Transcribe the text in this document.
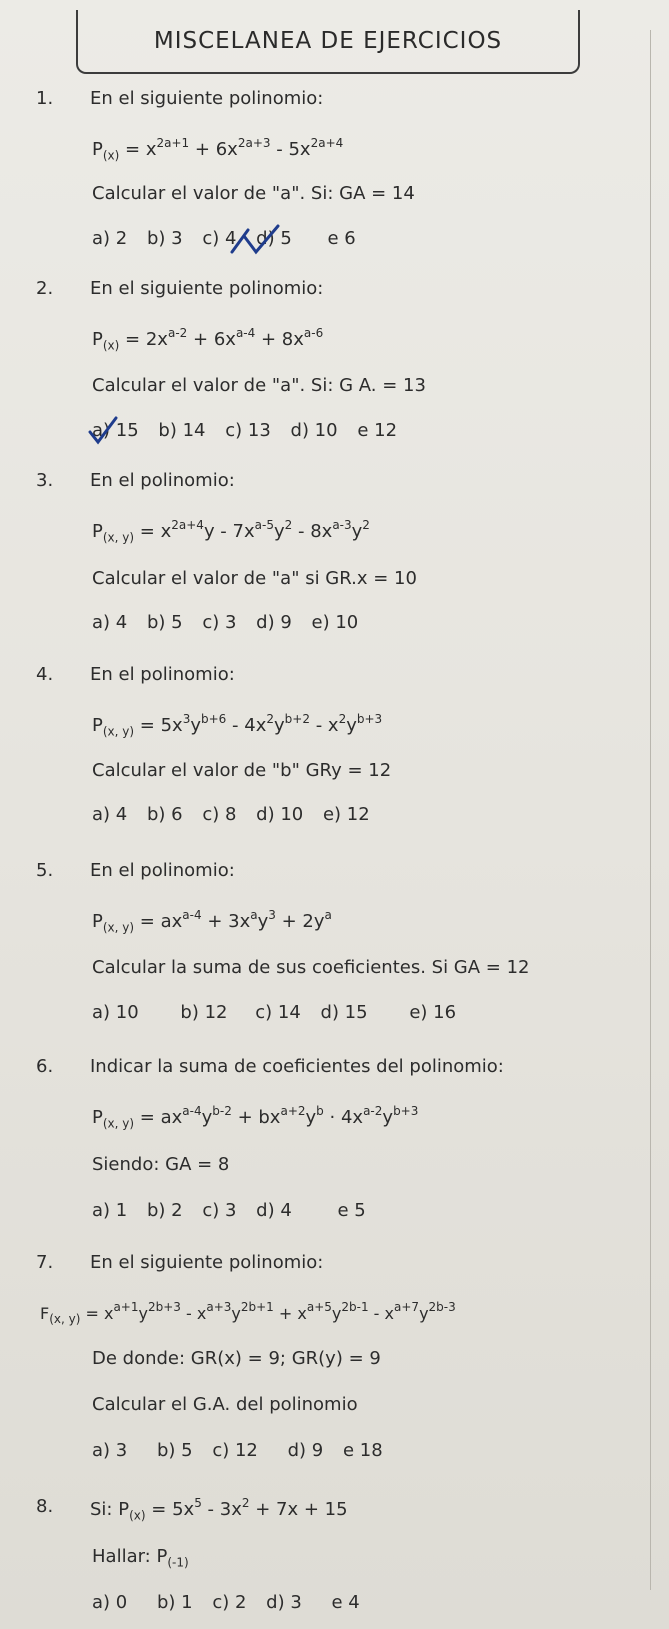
MISCELANEA DE EJERCICIOS
1. En el siguiente polinomio:
$P_{(x)} = x^{2a+1} + 6x^{2a+3} - 5x^{2a+4}$
Calcular el valor de "a". Si: GA = 14
a) 2 b) 3 c) 4 d) 5 e 6
2. En el siguiente polinomio:
$P_{(x)} = 2x^{a-2} + 6x^{a-4} + 8x^{a-6}$
Calcular el valor de "a". Si: G A. = 13
a) 15 b) 14 c) 13 d) 10 e 12
3. En el polinomio:
$P_{(x, y)} = x^{2a+4}y - 7x^{a-5}y^2 - 8x^{a-3}y^2$
Calcular el valor de "a" si GR.x = 10
a) 4 b) 5 c) 3 d) 9 e) 10
4. En el polinomio:
$P_{(x, y)} = 5x^3y^{b+6} - 4x^2y^{b+2} - x^2y^{b+3}$
Calcular el valor de "b" GRy = 12
a) 4 b) 6 c) 8 d) 10 e) 12
5. En el polinomio:
$P_{(x, y)} = ax^{a-4} + 3x^ay^3 + 2y^a$
Calcular la suma de sus coeficientes. Si GA = 12
a) 10 b) 12 c) 14 d) 15 e) 16
6. Indicar la suma de coeficientes del polinomio:
$P_{(x, y)} = ax^{a-4}y^{b-2} + bx^{a+2}y^b \cdot 4x^{a-2}y^{b+3}$
Siendo: GA = 8
a) 1 b) 2 c) 3 d) 4	e 5
7. En el siguiente polinomio:
$F_{(x, y)} = x^{a+1}y^{2b+3} - x^{a+3}y^{2b+1} + x^{a+5}y^{2b-1} - x^{a+7}y^{2b-3}$
De donde: GR(x) = 9; GR(y) = 9
Calcular el G.A. del polinomio
a) 3 b) 5 c) 12 d) 9 e 18
8. Si: $P_{(x)} = 5x^5 - 3x^2 + 7x + 15$
Hallar: $P_{(-1)}$
a) 0 b) 1 c) 2 d) 3 e 4
